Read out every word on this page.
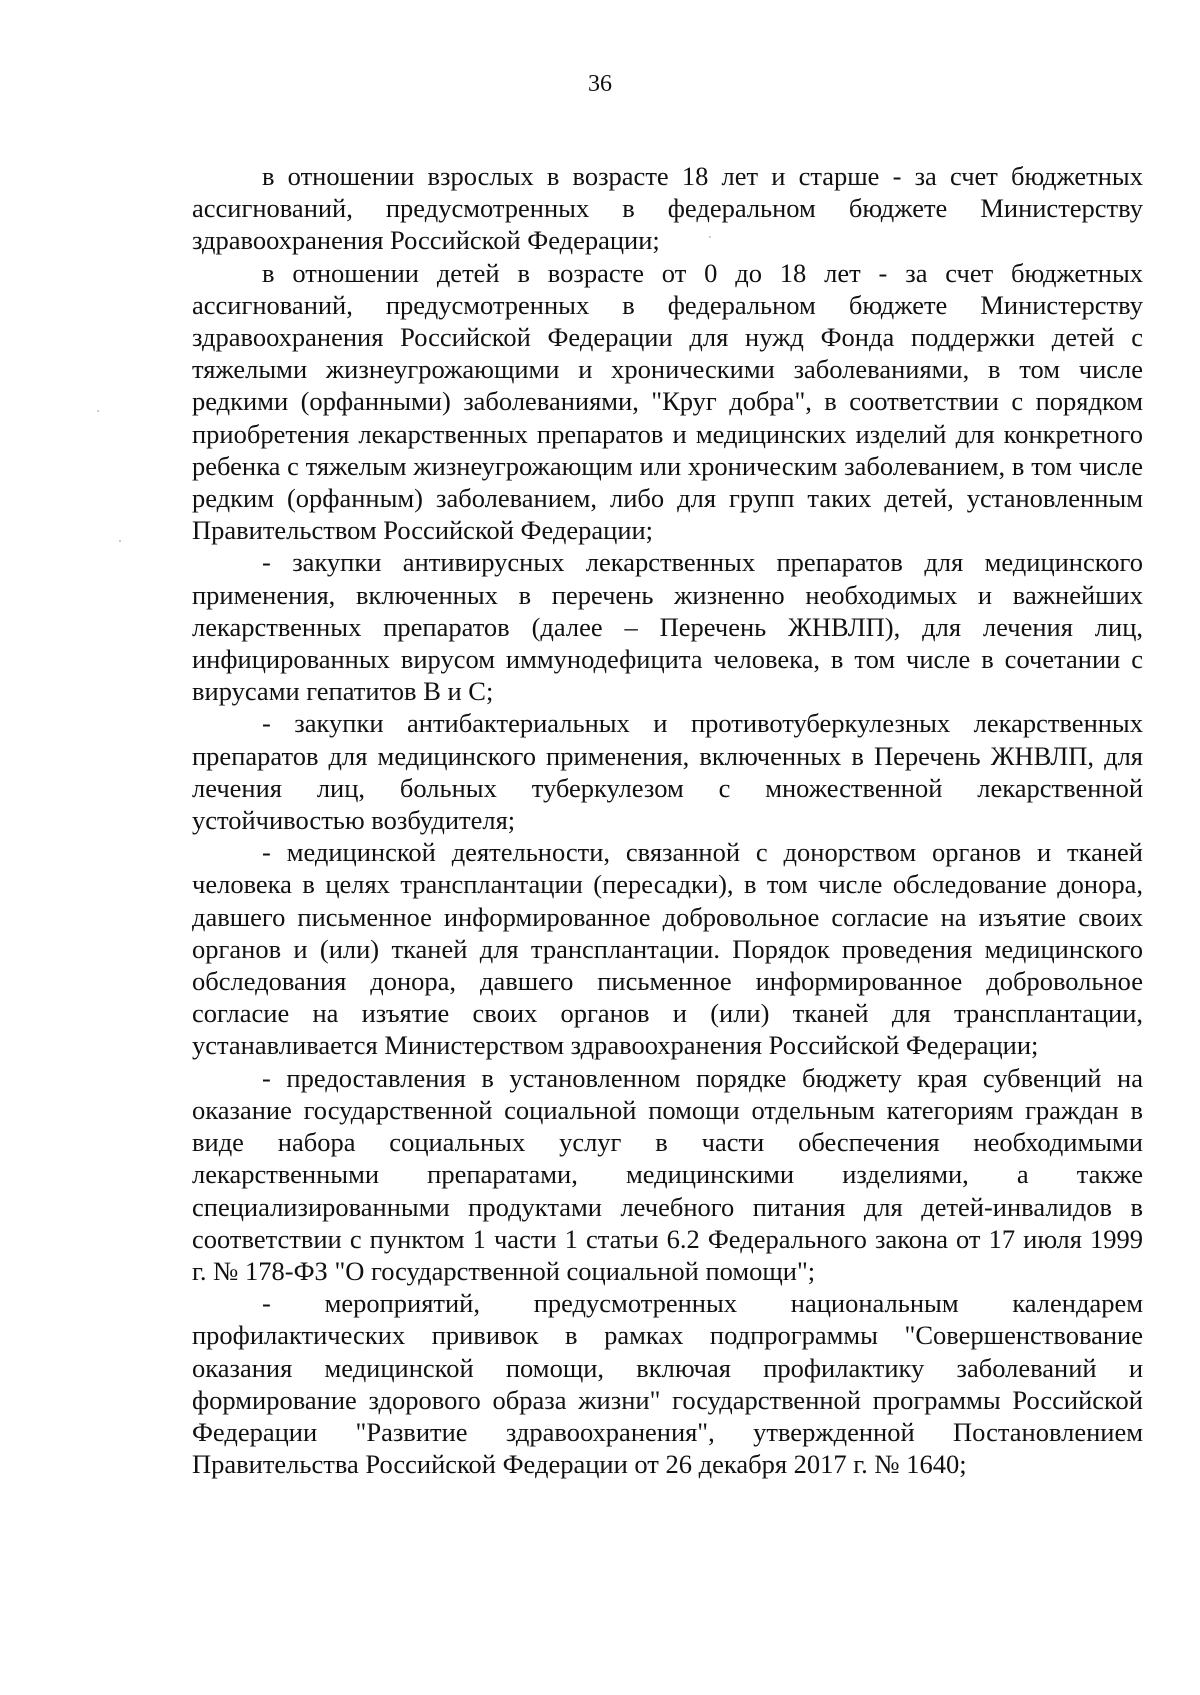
36

в отношении взрослых в возрасте 18 лет и старше - за счет бюджетных ассигнований, предусмотренных в федеральном бюджете Министерству здравоохранения Российской Федерации;

в отношении детей в возрасте от 0 до 18 лет - за счет бюджетных ассигнований, предусмотренных в федеральном бюджете Министерству здравоохранения Российской Федерации для нужд Фонда поддержки детей с тяжелыми жизнеугрожающими и хроническими заболеваниями, в том числе редкими (орфанными) заболеваниями, "Круг добра", в соответствии с порядком приобретения лекарственных препаратов и медицинских изделий для конкретного ребенка с тяжелым жизнеугрожающим или хроническим заболеванием, в том числе редким (орфанным) заболеванием, либо для групп таких детей, установленным Правительством Российской Федерации;

- закупки антивирусных лекарственных препаратов для медицинского применения, включенных в перечень жизненно необходимых и важнейших лекарственных препаратов (далее – Перечень ЖНВЛП), для лечения лиц, инфицированных вирусом иммунодефицита человека, в том числе в сочетании с вирусами гепатитов B и C;

- закупки антибактериальных и противотуберкулезных лекарственных препаратов для медицинского применения, включенных в Перечень ЖНВЛП, для лечения лиц, больных туберкулезом с множественной лекарственной устойчивостью возбудителя;

- медицинской деятельности, связанной с донорством органов и тканей человека в целях трансплантации (пересадки), в том числе обследование донора, давшего письменное информированное добровольное согласие на изъятие своих органов и (или) тканей для трансплантации. Порядок проведения медицинского обследования донора, давшего письменное информированное добровольное согласие на изъятие своих органов и (или) тканей для трансплантации, устанавливается Министерством здравоохранения Российской Федерации;

- предоставления в установленном порядке бюджету края субвенций на оказание государственной социальной помощи отдельным категориям граждан в виде набора социальных услуг в части обеспечения необходимыми лекарственными препаратами, медицинскими изделиями, а также специализированными продуктами лечебного питания для детей-инвалидов в соответствии с пунктом 1 части 1 статьи 6.2 Федерального закона от 17 июля 1999 г. № 178-ФЗ "О государственной социальной помощи";

- мероприятий, предусмотренных национальным календарем профилактических прививок в рамках подпрограммы "Совершенствование оказания медицинской помощи, включая профилактику заболеваний и формирование здорового образа жизни" государственной программы Российской Федерации "Развитие здравоохранения", утвержденной Постановлением Правительства Российской Федерации от 26 декабря 2017 г. № 1640;
